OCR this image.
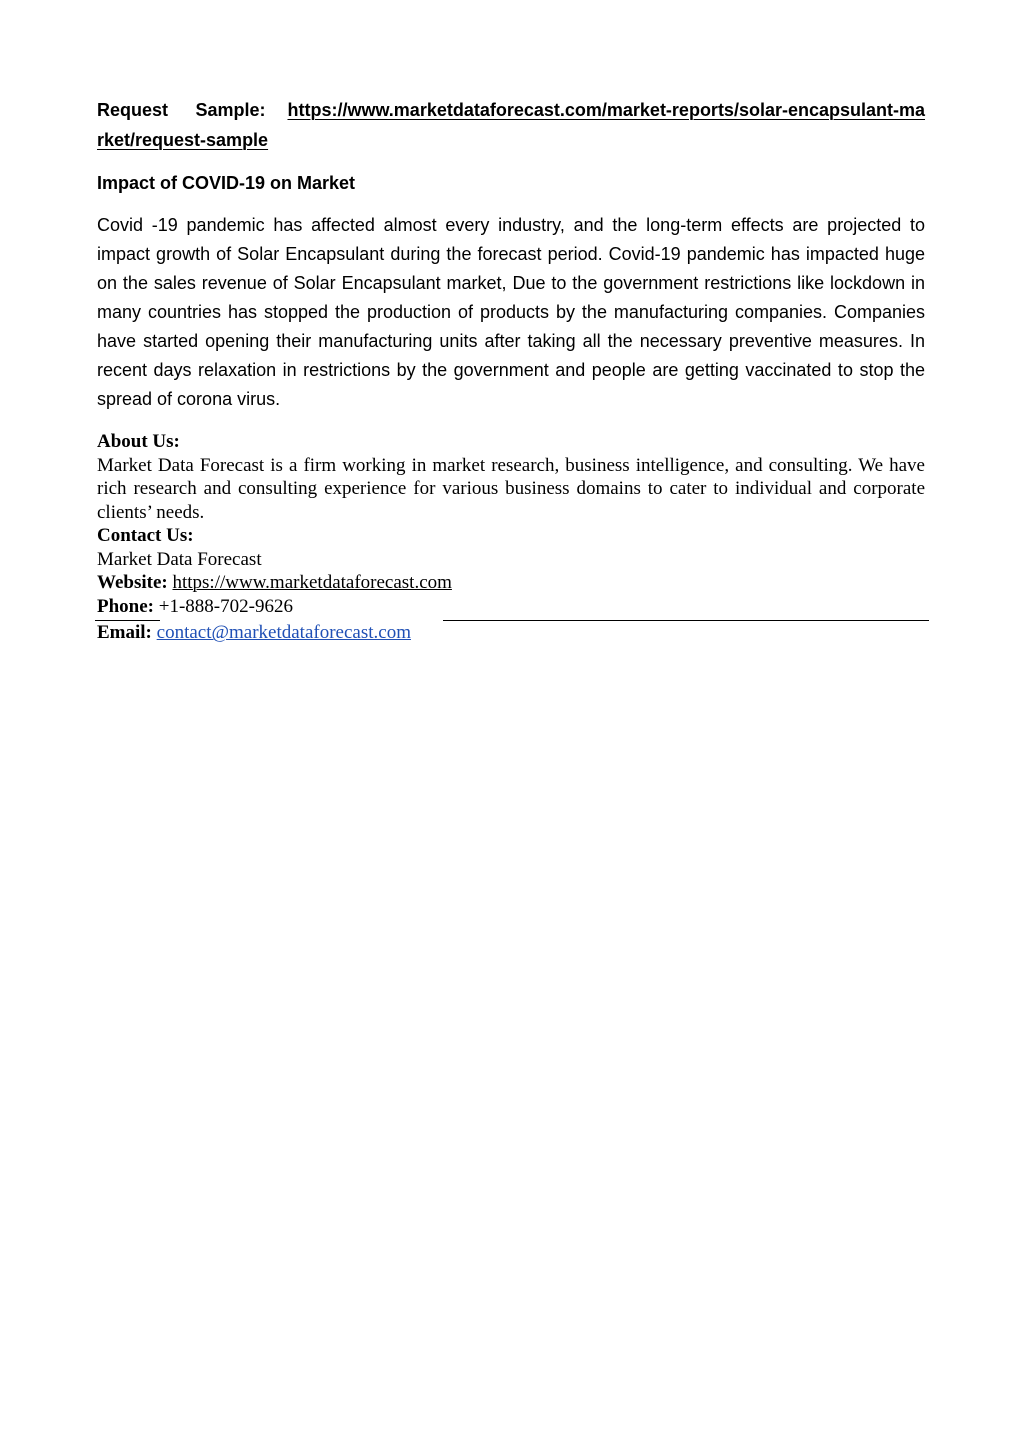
Request Sample: https://www.marketdataforecast.com/market-reports/solar-encapsulant-market/request-sample
Impact of COVID-19 on Market
Covid -19 pandemic has affected almost every industry, and the long-term effects are projected to impact growth of Solar Encapsulant during the forecast period. Covid-19 pandemic has impacted huge on the sales revenue of Solar Encapsulant market, Due to the government restrictions like lockdown in many countries has stopped the production of products by the manufacturing companies. Companies have started opening their manufacturing units after taking all the necessary preventive measures. In recent days relaxation in restrictions by the government and people are getting vaccinated to stop the spread of corona virus.
About Us:
Market Data Forecast is a firm working in market research, business intelligence, and consulting. We have rich research and consulting experience for various business domains to cater to individual and corporate clients’ needs.
Contact Us:
Market Data Forecast
Website: https://www.marketdataforecast.com
Phone: +1-888-702-9626
Email: contact@marketdataforecast.com
